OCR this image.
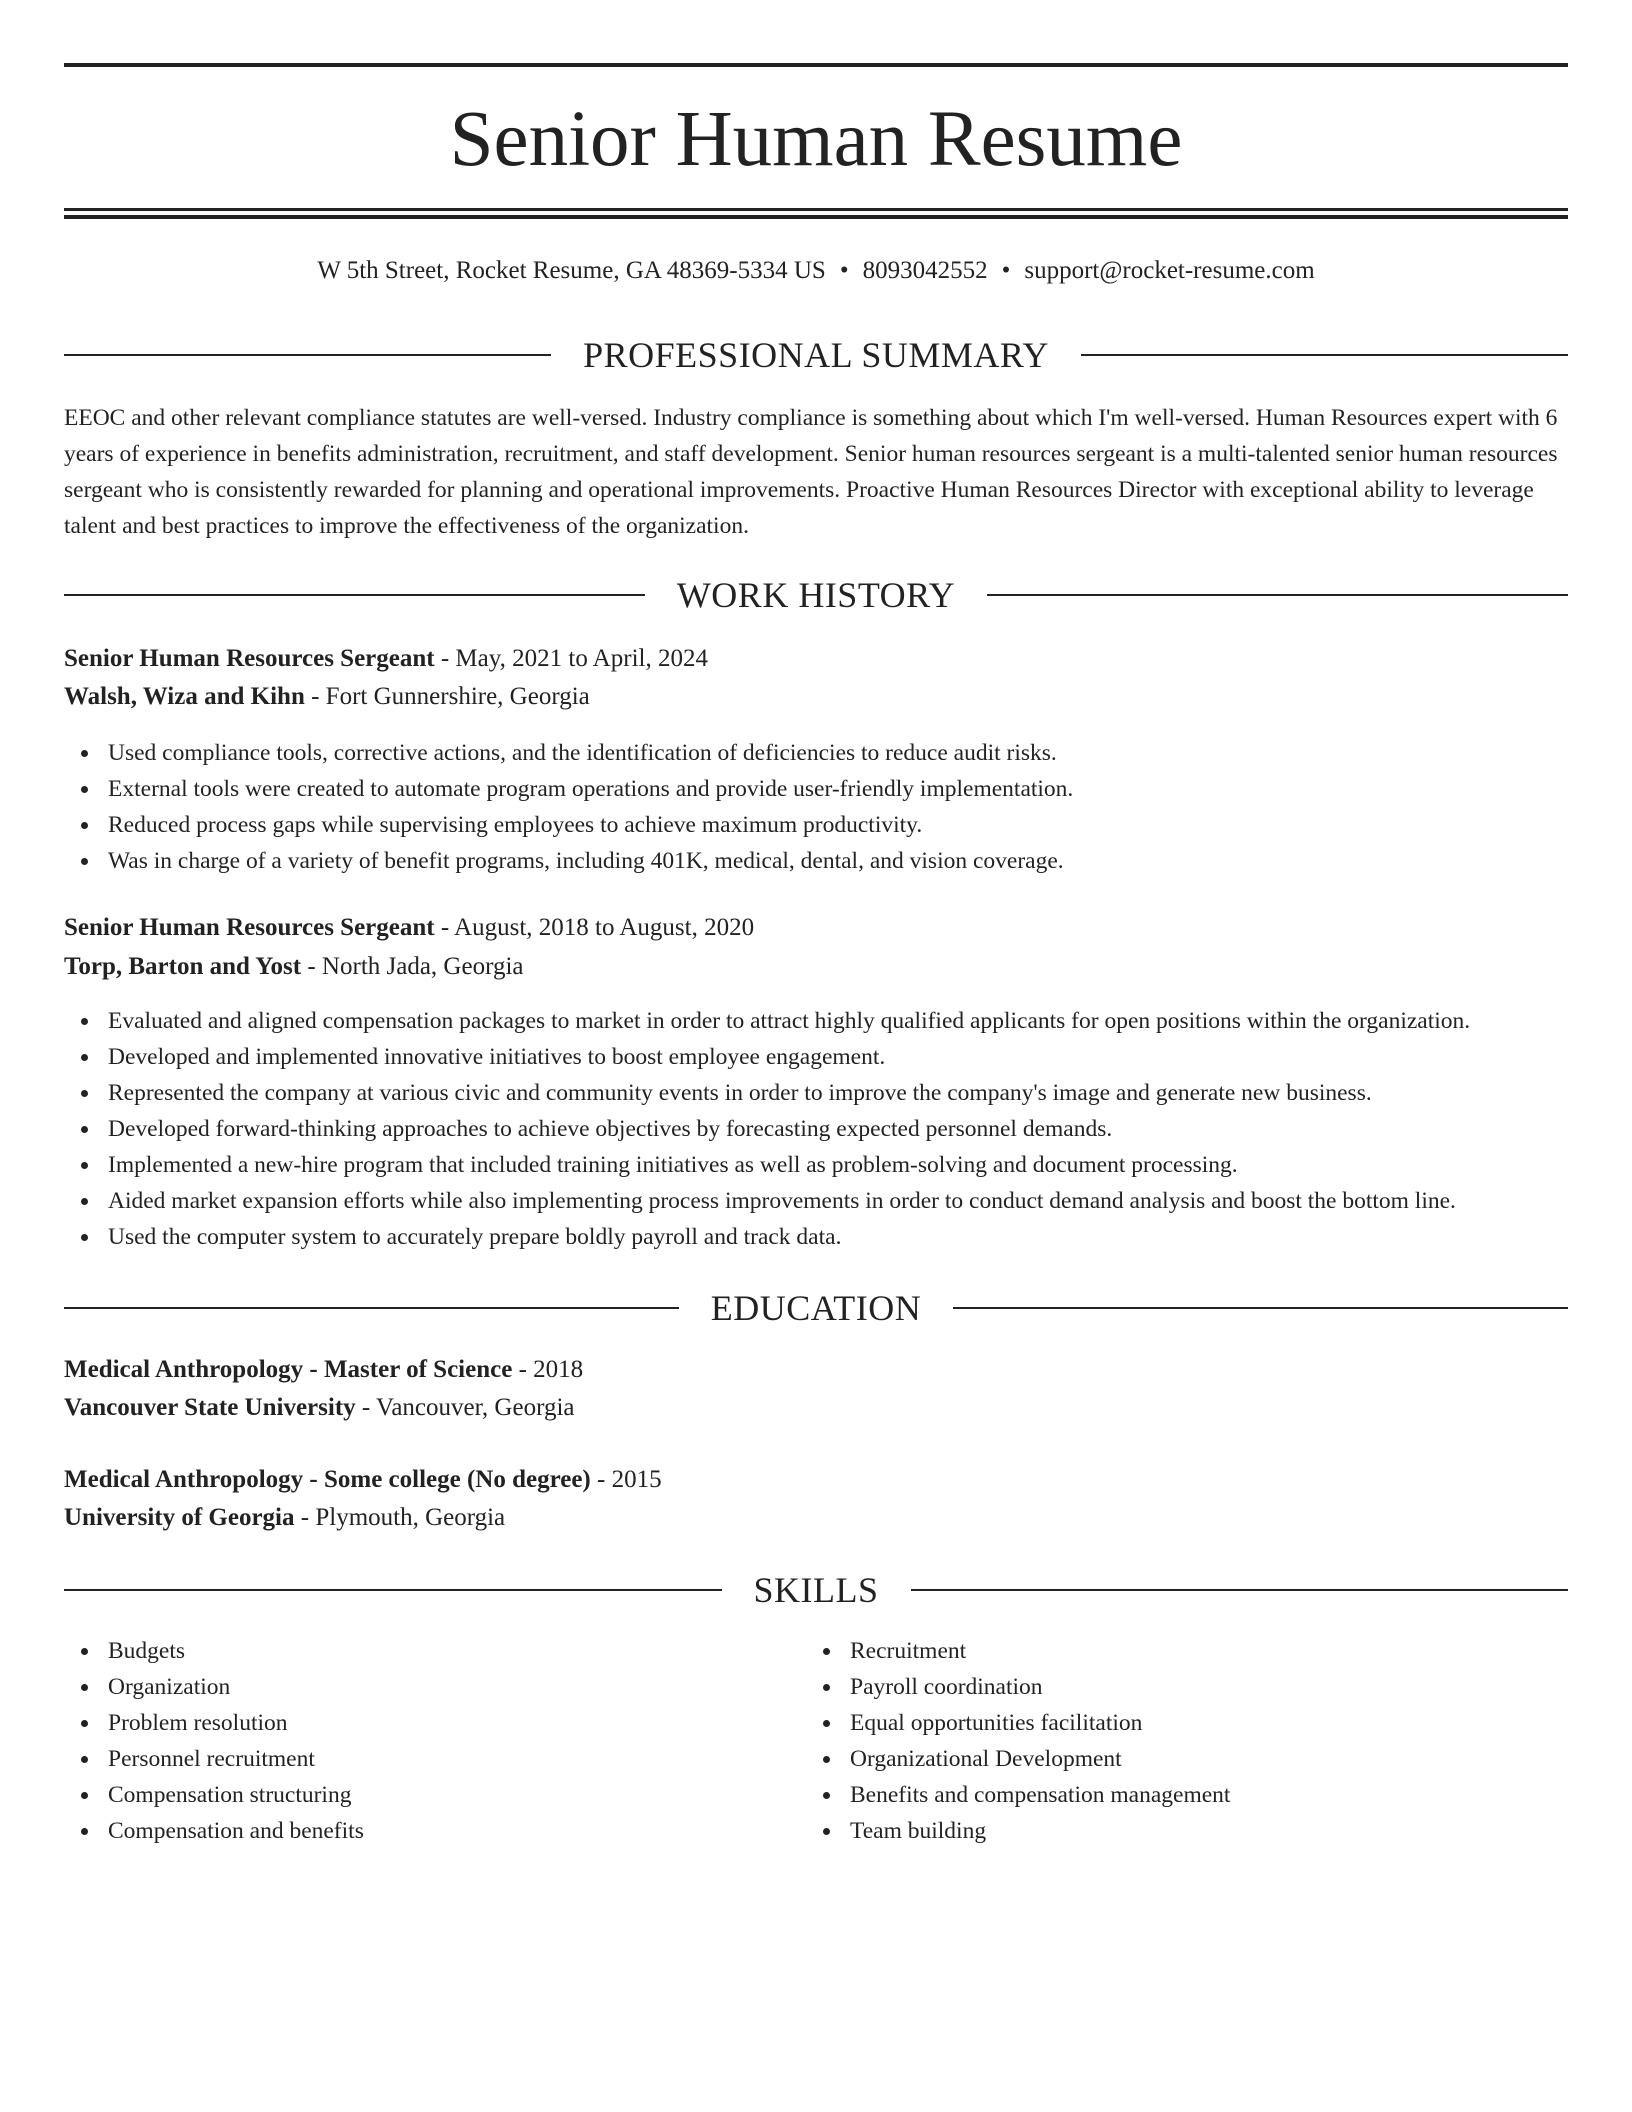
Senior Human Resume
W 5th Street, Rocket Resume, GA 48369-5334 US • 8093042552 • support@rocket-resume.com
PROFESSIONAL SUMMARY

EEOC and other relevant compliance statutes are well-versed. Industry compliance is something about which I'm well-versed. Human Resources expert with 6 years of experience in benefits administration, recruitment, and staff development. Senior human resources sergeant is a multi-talented senior human resources sergeant who is consistently rewarded for planning and operational improvements. Proactive Human Resources Director with exceptional ability to leverage talent and best practices to improve the effectiveness of the organization.

WORK HISTORY
Senior Human Resources Sergeant - May, 2021 to April, 2024
Walsh, Wiza and Kihn - Fort Gunnershire, Georgia
Used compliance tools, corrective actions, and the identification of deficiencies to reduce audit risks.
External tools were created to automate program operations and provide user-friendly implementation.
Reduced process gaps while supervising employees to achieve maximum productivity.
Was in charge of a variety of benefit programs, including 401K, medical, dental, and vision coverage.
Senior Human Resources Sergeant - August, 2018 to August, 2020
Torp, Barton and Yost - North Jada, Georgia
Evaluated and aligned compensation packages to market in order to attract highly qualified applicants for open positions within the organization.
Developed and implemented innovative initiatives to boost employee engagement.
Represented the company at various civic and community events in order to improve the company's image and generate new business.
Developed forward-thinking approaches to achieve objectives by forecasting expected personnel demands.
Implemented a new-hire program that included training initiatives as well as problem-solving and document processing.
Aided market expansion efforts while also implementing process improvements in order to conduct demand analysis and boost the bottom line.
Used the computer system to accurately prepare boldly payroll and track data.
EDUCATION
Medical Anthropology - Master of Science - 2018
Vancouver State University - Vancouver, Georgia
Medical Anthropology - Some college (No degree) - 2015
University of Georgia - Plymouth, Georgia
SKILLS
Budgets
Organization
Problem resolution
Personnel recruitment
Compensation structuring
Compensation and benefits
Recruitment
Payroll coordination
Equal opportunities facilitation
Organizational Development
Benefits and compensation management
Team building
